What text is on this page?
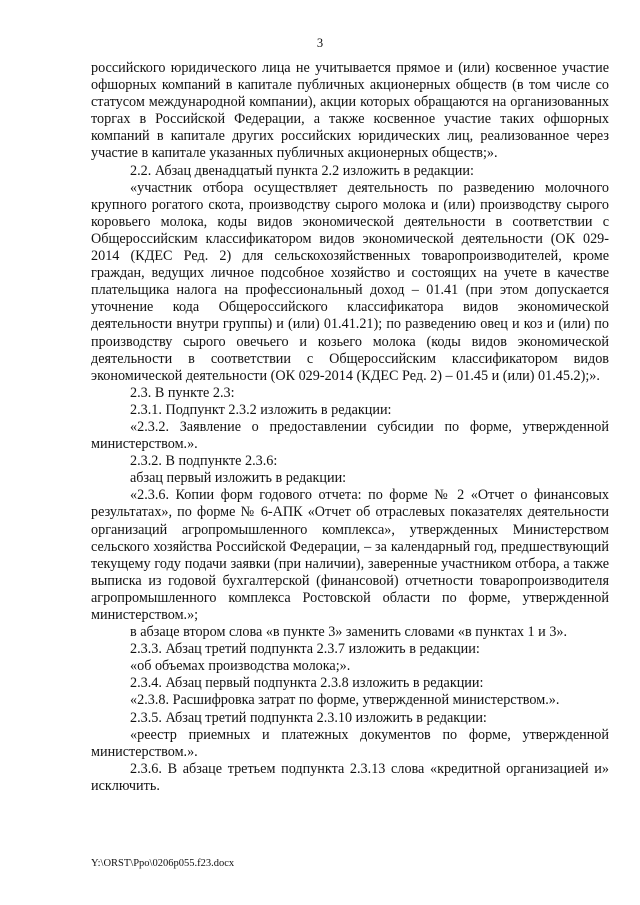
3

российского юридического лица не учитывается прямое и (или) косвенное участие офшорных компаний в капитале публичных акционерных обществ (в том числе со статусом международной компании), акции которых обращаются на организованных торгах в Российской Федерации, а также косвенное участие таких офшорных компаний в капитале других российских юридических лиц, реализованное через участие в капитале указанных публичных акционерных обществ;».

2.2. Абзац двенадцатый пункта 2.2 изложить в редакции:

«участник отбора осуществляет деятельность по разведению молочного крупного рогатого скота, производству сырого молока и (или) производству сырого коровьего молока, коды видов экономической деятельности в соответствии с Общероссийским классификатором видов экономической деятельности (ОК 029-2014 (КДЕС Ред. 2) для сельскохозяйственных товаропроизводителей, кроме граждан, ведущих личное подсобное хозяйство и состоящих на учете в качестве плательщика налога на профессиональный доход – 01.41 (при этом допускается уточнение кода Общероссийского классификатора видов экономической деятельности внутри группы) и (или) 01.41.21); по разведению овец и коз и (или) по производству сырого овечьего и козьего молока (коды видов экономической деятельности в соответствии с Общероссийским классификатором видов экономической деятельности (ОК 029-2014 (КДЕС Ред. 2) – 01.45 и (или) 01.45.2);».

2.3. В пункте 2.3:

2.3.1. Подпункт 2.3.2 изложить в редакции:

«2.3.2. Заявление о предоставлении субсидии по форме, утвержденной министерством.».

2.3.2. В подпункте 2.3.6:

абзац первый изложить в редакции:

«2.3.6. Копии форм годового отчета: по форме № 2 «Отчет о финансовых результатах», по форме № 6-АПК «Отчет об отраслевых показателях деятельности организаций агропромышленного комплекса», утвержденных Министерством сельского хозяйства Российской Федерации, – за календарный год, предшествующий текущему году подачи заявки (при наличии), заверенные участником отбора, а также выписка из годовой бухгалтерской (финансовой) отчетности товаропроизводителя агропромышленного комплекса Ростовской области по форме, утвержденной министерством.»;

в абзаце втором слова «в пункте 3» заменить словами «в пунктах 1 и 3».

2.3.3. Абзац третий подпункта 2.3.7 изложить в редакции:

«об объемах производства молока;».

2.3.4. Абзац первый подпункта 2.3.8 изложить в редакции:

«2.3.8. Расшифровка затрат по форме, утвержденной министерством.».

2.3.5. Абзац третий подпункта 2.3.10 изложить в редакции:

«реестр приемных и платежных документов по форме, утвержденной министерством.».

2.3.6. В абзаце третьем подпункта 2.3.13 слова «кредитной организацией и» исключить.

Y:\ORST\Ppo\0206p055.f23.docx
